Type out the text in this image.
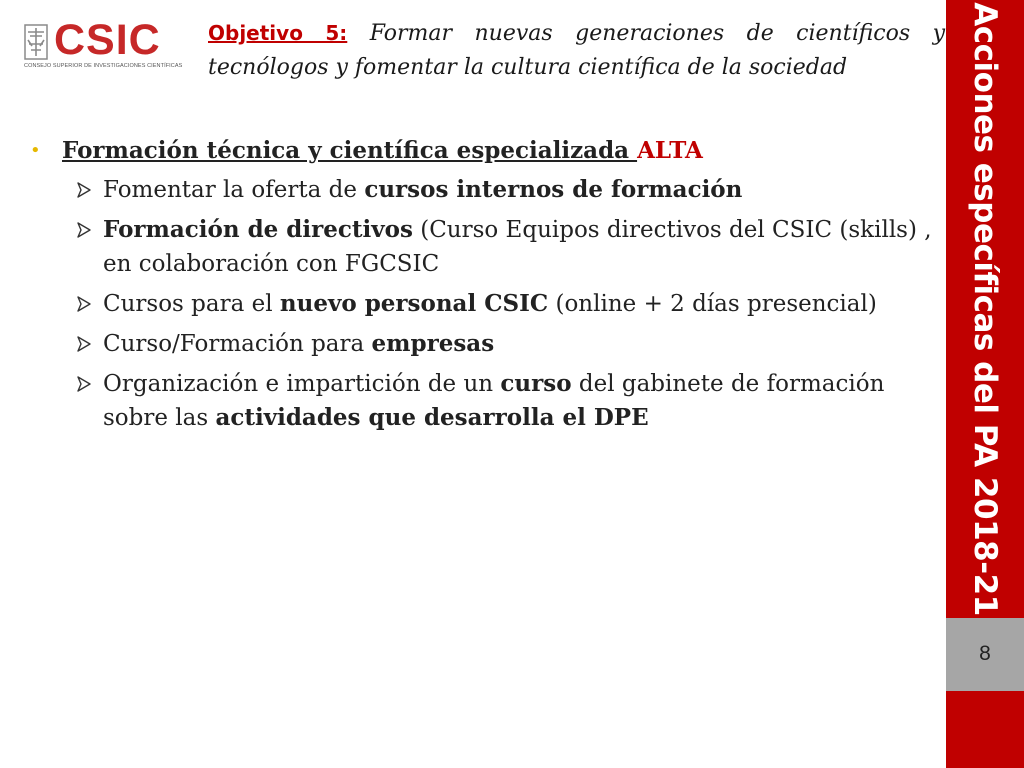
CSIC
CONSEJO SUPERIOR DE INVESTIGACIONES CIENTÍFICAS
Objetivo 5: Formar nuevas generaciones de científicos y tecnólogos y fomentar la cultura científica de la sociedad
• Formación técnica y científica especializada ALTA
Fomentar la oferta de cursos internos de formación
Formación de directivos (Curso Equipos directivos del CSIC (skills) , en colaboración con FGCSIC
Cursos para el nuevo personal CSIC (online + 2 días presencial)
Curso/Formación para empresas
Organización e impartición de un curso del gabinete de formación sobre las actividades que desarrolla el DPE	Acciones específicas del PA 2018-21
8
